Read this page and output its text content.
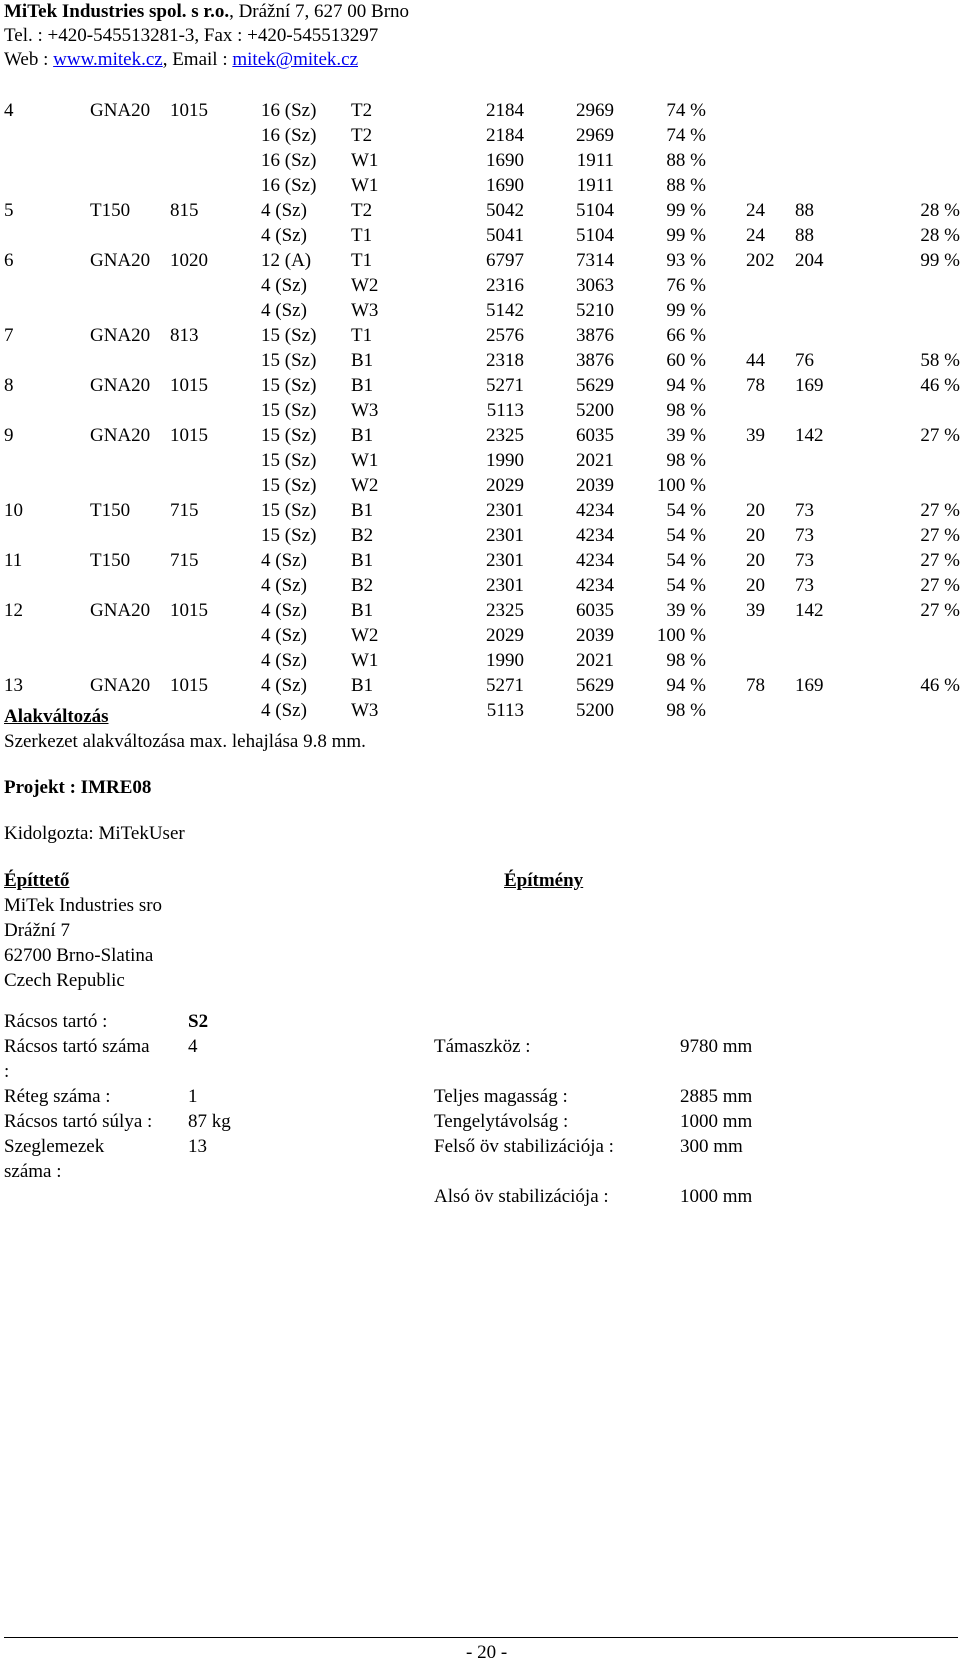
MiTek Industries spol. s r.o., Drážní 7, 627 00 Brno
Tel. : +420-545513281-3, Fax : +420-545513297
Web : www.mitek.cz, Email : mitek@mitek.cz
4	GNA20	1015	16 (Sz)	T2	2184	2969	74 %			
			16 (Sz)	T2	2184	2969	74 %			
			16 (Sz)	W1	1690	1911	88 %			
			16 (Sz)	W1	1690	1911	88 %			
5	T150	815	4 (Sz)	T2	5042	5104	99 %	24	88	28 %
			4 (Sz)	T1	5041	5104	99 %	24	88	28 %
6	GNA20	1020	12 (A)	T1	6797	7314	93 %	202	204	99 %
			4 (Sz)	W2	2316	3063	76 %			
			4 (Sz)	W3	5142	5210	99 %			
7	GNA20	813	15 (Sz)	T1	2576	3876	66 %			
			15 (Sz)	B1	2318	3876	60 %	44	76	58 %
8	GNA20	1015	15 (Sz)	B1	5271	5629	94 %	78	169	46 %
			15 (Sz)	W3	5113	5200	98 %			
9	GNA20	1015	15 (Sz)	B1	2325	6035	39 %	39	142	27 %
			15 (Sz)	W1	1990	2021	98 %			
			15 (Sz)	W2	2029	2039	100 %			
10	T150	715	15 (Sz)	B1	2301	4234	54 %	20	73	27 %
			15 (Sz)	B2	2301	4234	54 %	20	73	27 %
11	T150	715	4 (Sz)	B1	2301	4234	54 %	20	73	27 %
			4 (Sz)	B2	2301	4234	54 %	20	73	27 %
12	GNA20	1015	4 (Sz)	B1	2325	6035	39 %	39	142	27 %
			4 (Sz)	W2	2029	2039	100 %			
			4 (Sz)	W1	1990	2021	98 %			
13	GNA20	1015	4 (Sz)	B1	5271	5629	94 %	78	169	46 %
			4 (Sz)	W3	5113	5200	98 %			
Alakváltozás
Szerkezet alakváltozása max. lehajlása 9.8 mm.
Projekt : IMRE08
Kidolgozta: MiTekUser
Építtető
MiTek Industries sro
Drážní 7
62700 Brno-Slatina
Czech Republic
Építmény
Rácsos tartó :	S2
Rácsos tartó száma 4	Támaszköz :	9780 mm
:
Réteg száma :	1	Teljes magasság :	2885 mm
Rácsos tartó súlya : 87 kg	Tengelytávolság :	1000 mm
Szeglemezek	13	Felső öv stabilizációja :	300 mm
száma :
Alsó öv stabilizációja :	1000 mm
- 20 -
